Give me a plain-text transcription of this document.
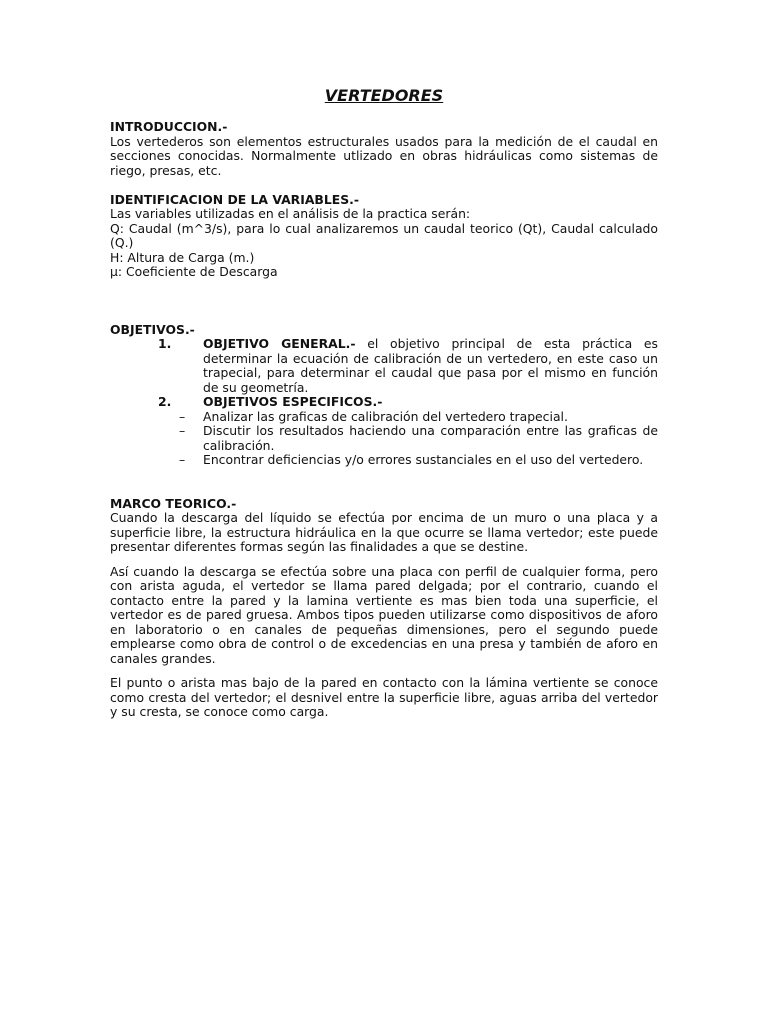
VERTEDORES

INTRODUCCION.-

Los vertederos son elementos estructurales usados para la medición de el caudal en secciones conocidas. Normalmente utlizado en obras hidráulicas como sistemas de riego, presas, etc.

IDENTIFICACION DE LA VARIABLES.-

Las variables utilizadas en el análisis de la practica serán:

Q: Caudal (m^3/s), para lo cual analizaremos un caudal teorico (Qt), Caudal calculado (Q.)

H: Altura de Carga (m.)

µ: Coeficiente de Descarga

OBJETIVOS.-

1.	OBJETIVO GENERAL.- el objetivo principal de esta práctica es determinar la ecuación de calibración de un vertedero, en este caso un trapecial, para determinar el caudal que pasa por el mismo en función de su geometría.
2.	OBJETIVOS ESPECIFICOS.-
–	Analizar las graficas de calibración del vertedero trapecial.
–	Discutir los resultados haciendo una comparación entre las graficas de calibración.
–	Encontrar deficiencias y/o errores sustanciales en el uso del vertedero.

MARCO TEORICO.-

Cuando la descarga del líquido se efectúa por encima de un muro o una placa y a superficie libre, la estructura hidráulica en la que ocurre se llama vertedor; este puede presentar diferentes formas según las finalidades a que se destine.

Así cuando la descarga se efectúa sobre una placa con perfil de cualquier forma, pero con arista aguda, el vertedor se llama pared delgada; por el contrario, cuando el contacto entre la pared y la lamina vertiente es mas bien toda una superficie, el vertedor es de pared gruesa. Ambos tipos pueden utilizarse como dispositivos de aforo en laboratorio o en canales de pequeñas dimensiones, pero el segundo puede emplearse como obra de control o de excedencias en una presa y también de aforo en canales grandes.

El punto o arista mas bajo de la pared en contacto con la lámina vertiente se conoce como cresta del vertedor; el desnivel entre la superficie libre, aguas arriba del vertedor y su cresta, se conoce como carga.
